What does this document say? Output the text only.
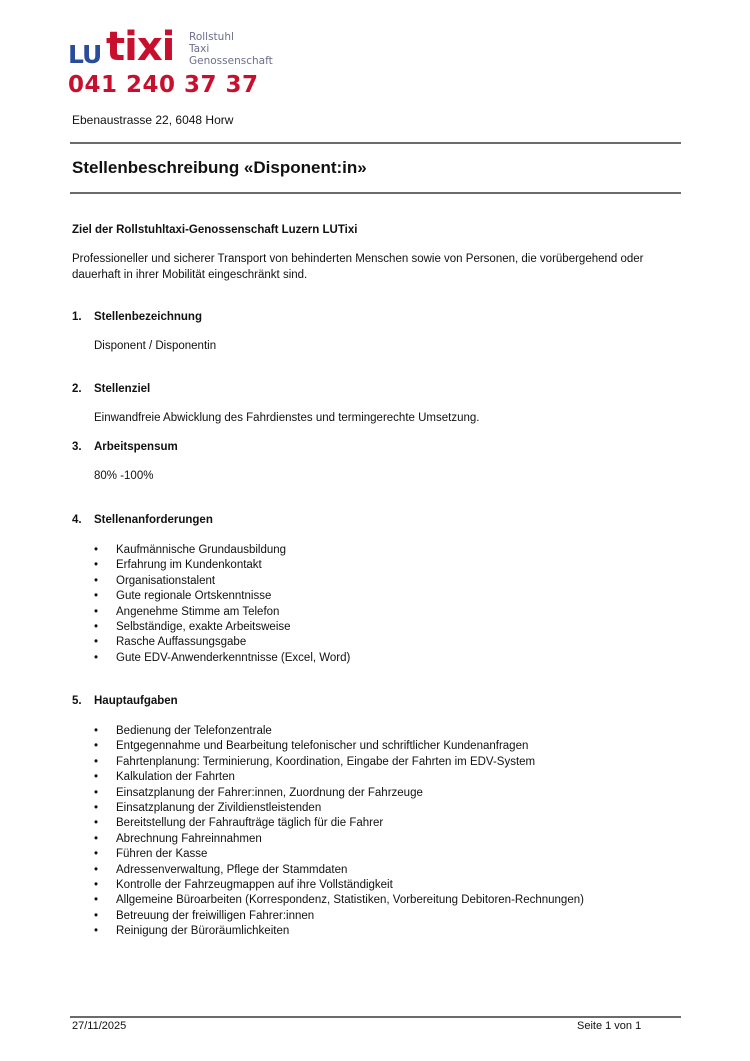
LU tixi Rollstuhl
Taxi
Genossenschaft
041 240 37 37
Ebenaustrasse 22, 6048 Horw
Stellenbeschreibung «Disponent:in»
Ziel der Rollstuhltaxi-Genossenschaft Luzern LUTixi
Professioneller und sicherer Transport von behinderten Menschen sowie von Personen, die vorübergehend oder dauerhaft in ihrer Mobilität eingeschränkt sind.
1. Stellenbezeichnung
Disponent / Disponentin
2. Stellenziel
Einwandfreie Abwicklung des Fahrdienstes und termingerechte Umsetzung.
3. Arbeitspensum
80% -100%
4. Stellenanforderungen
• Kaufmännische Grundausbildung
• Erfahrung im Kundenkontakt
• Organisationstalent
• Gute regionale Ortskenntnisse
• Angenehme Stimme am Telefon
• Selbständige, exakte Arbeitsweise
• Rasche Auffassungsgabe
• Gute EDV-Anwenderkenntnisse (Excel, Word)
5. Hauptaufgaben
• Bedienung der Telefonzentrale
• Entgegennahme und Bearbeitung telefonischer und schriftlicher Kundenanfragen
• Fahrtenplanung: Terminierung, Koordination, Eingabe der Fahrten im EDV-System
• Kalkulation der Fahrten
• Einsatzplanung der Fahrer:innen, Zuordnung der Fahrzeuge
• Einsatzplanung der Zivildienstleistenden
• Bereitstellung der Fahraufträge täglich für die Fahrer
• Abrechnung Fahreinnahmen
• Führen der Kasse
• Adressenverwaltung, Pflege der Stammdaten
• Kontrolle der Fahrzeugmappen auf ihre Vollständigkeit
• Allgemeine Büroarbeiten (Korrespondenz, Statistiken, Vorbereitung Debitoren-Rechnungen)
• Betreuung der freiwilligen Fahrer:innen
• Reinigung der Büroräumlichkeiten
27/11/2025	Seite 1 von 1
